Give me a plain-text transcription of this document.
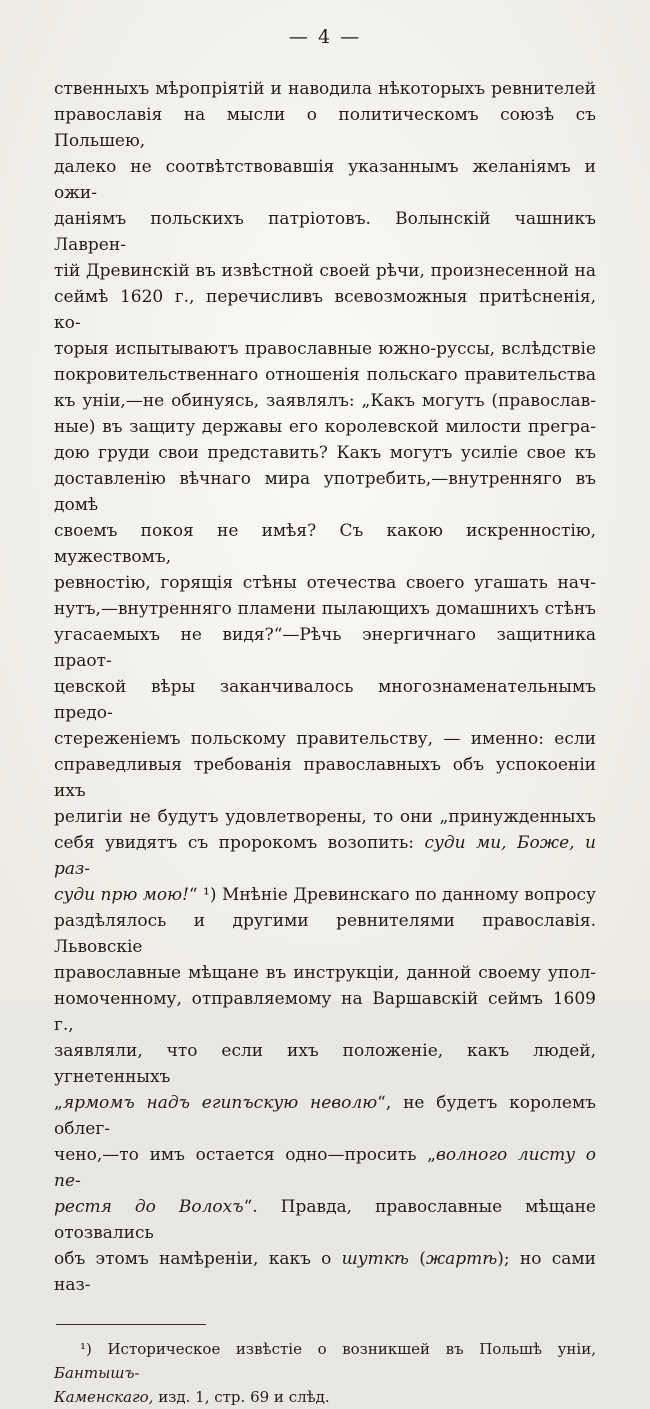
— 4 —
ственныхъ мѣропріятій и наводила нѣкоторыхъ ревнителей
православія на мысли о политическомъ союзѣ съ Польшею,
далеко не соотвѣтствовавшія указаннымъ желаніямъ и ожи-
даніямъ польскихъ патріотовъ. Волынскій чашникъ Лаврен-
тій Древинскій въ извѣстной своей рѣчи, произнесенной на
сеймѣ 1620 г., перечисливъ всевозможныя притѣсненія, ко-
торыя испытываютъ православные южно-руссы, вслѣдствіе
покровительственнаго отношенія польскаго правительства
къ уніи,—не обинуясь, заявлялъ: „Какъ могутъ (православ-
ные) въ защиту державы его королевской милости прегра-
дою груди свои представить? Какъ могутъ усиліе свое къ
доставленію вѣчнаго мира употребить,—внутренняго въ домѣ
своемъ покоя не имѣя? Съ какою искренностію, мужествомъ,
ревностію, горящія стѣны отечества своего угашать нач-
нутъ,—внутренняго пламени пылающихъ домашнихъ стѣнъ
угасаемыхъ не видя?“—Рѣчь энергичнаго защитника праот-
цевской вѣры заканчивалось многознаменательнымъ предо-
стереженіемъ польскому правительству, — именно: если
справедливыя требованія православныхъ объ успокоеніи ихъ
религіи не будутъ удовлетворены, то они „принужденныхъ
себя увидятъ съ пророкомъ возопить: суди ми, Боже, и раз-
суди прю мою!“ ¹) Мнѣніе Древинскаго по данному вопросу
раздѣлялось и другими ревнителями православія. Львовскіе
православные мѣщане въ инструкціи, данной своему упол-
номоченному, отправляемому на Варшавскій сеймъ 1609 г.,
заявляли, что если ихъ положеніе, какъ людей, угнетенныхъ
„ярмомъ надъ египъскую неволю“, не будетъ королемъ облег-
чено,—то имъ остается одно—просить „волного листу о пе-
рестя до Волохъ“. Правда, православные мѣщане отозвались
объ этомъ намѣреніи, какъ о шуткѣ (жартѣ); но сами наз-
¹) Историческое извѣстіе о возникшей въ Польшѣ уніи, Бантышъ-
Каменскаго, изд. 1, стр. 69 и слѣд.
